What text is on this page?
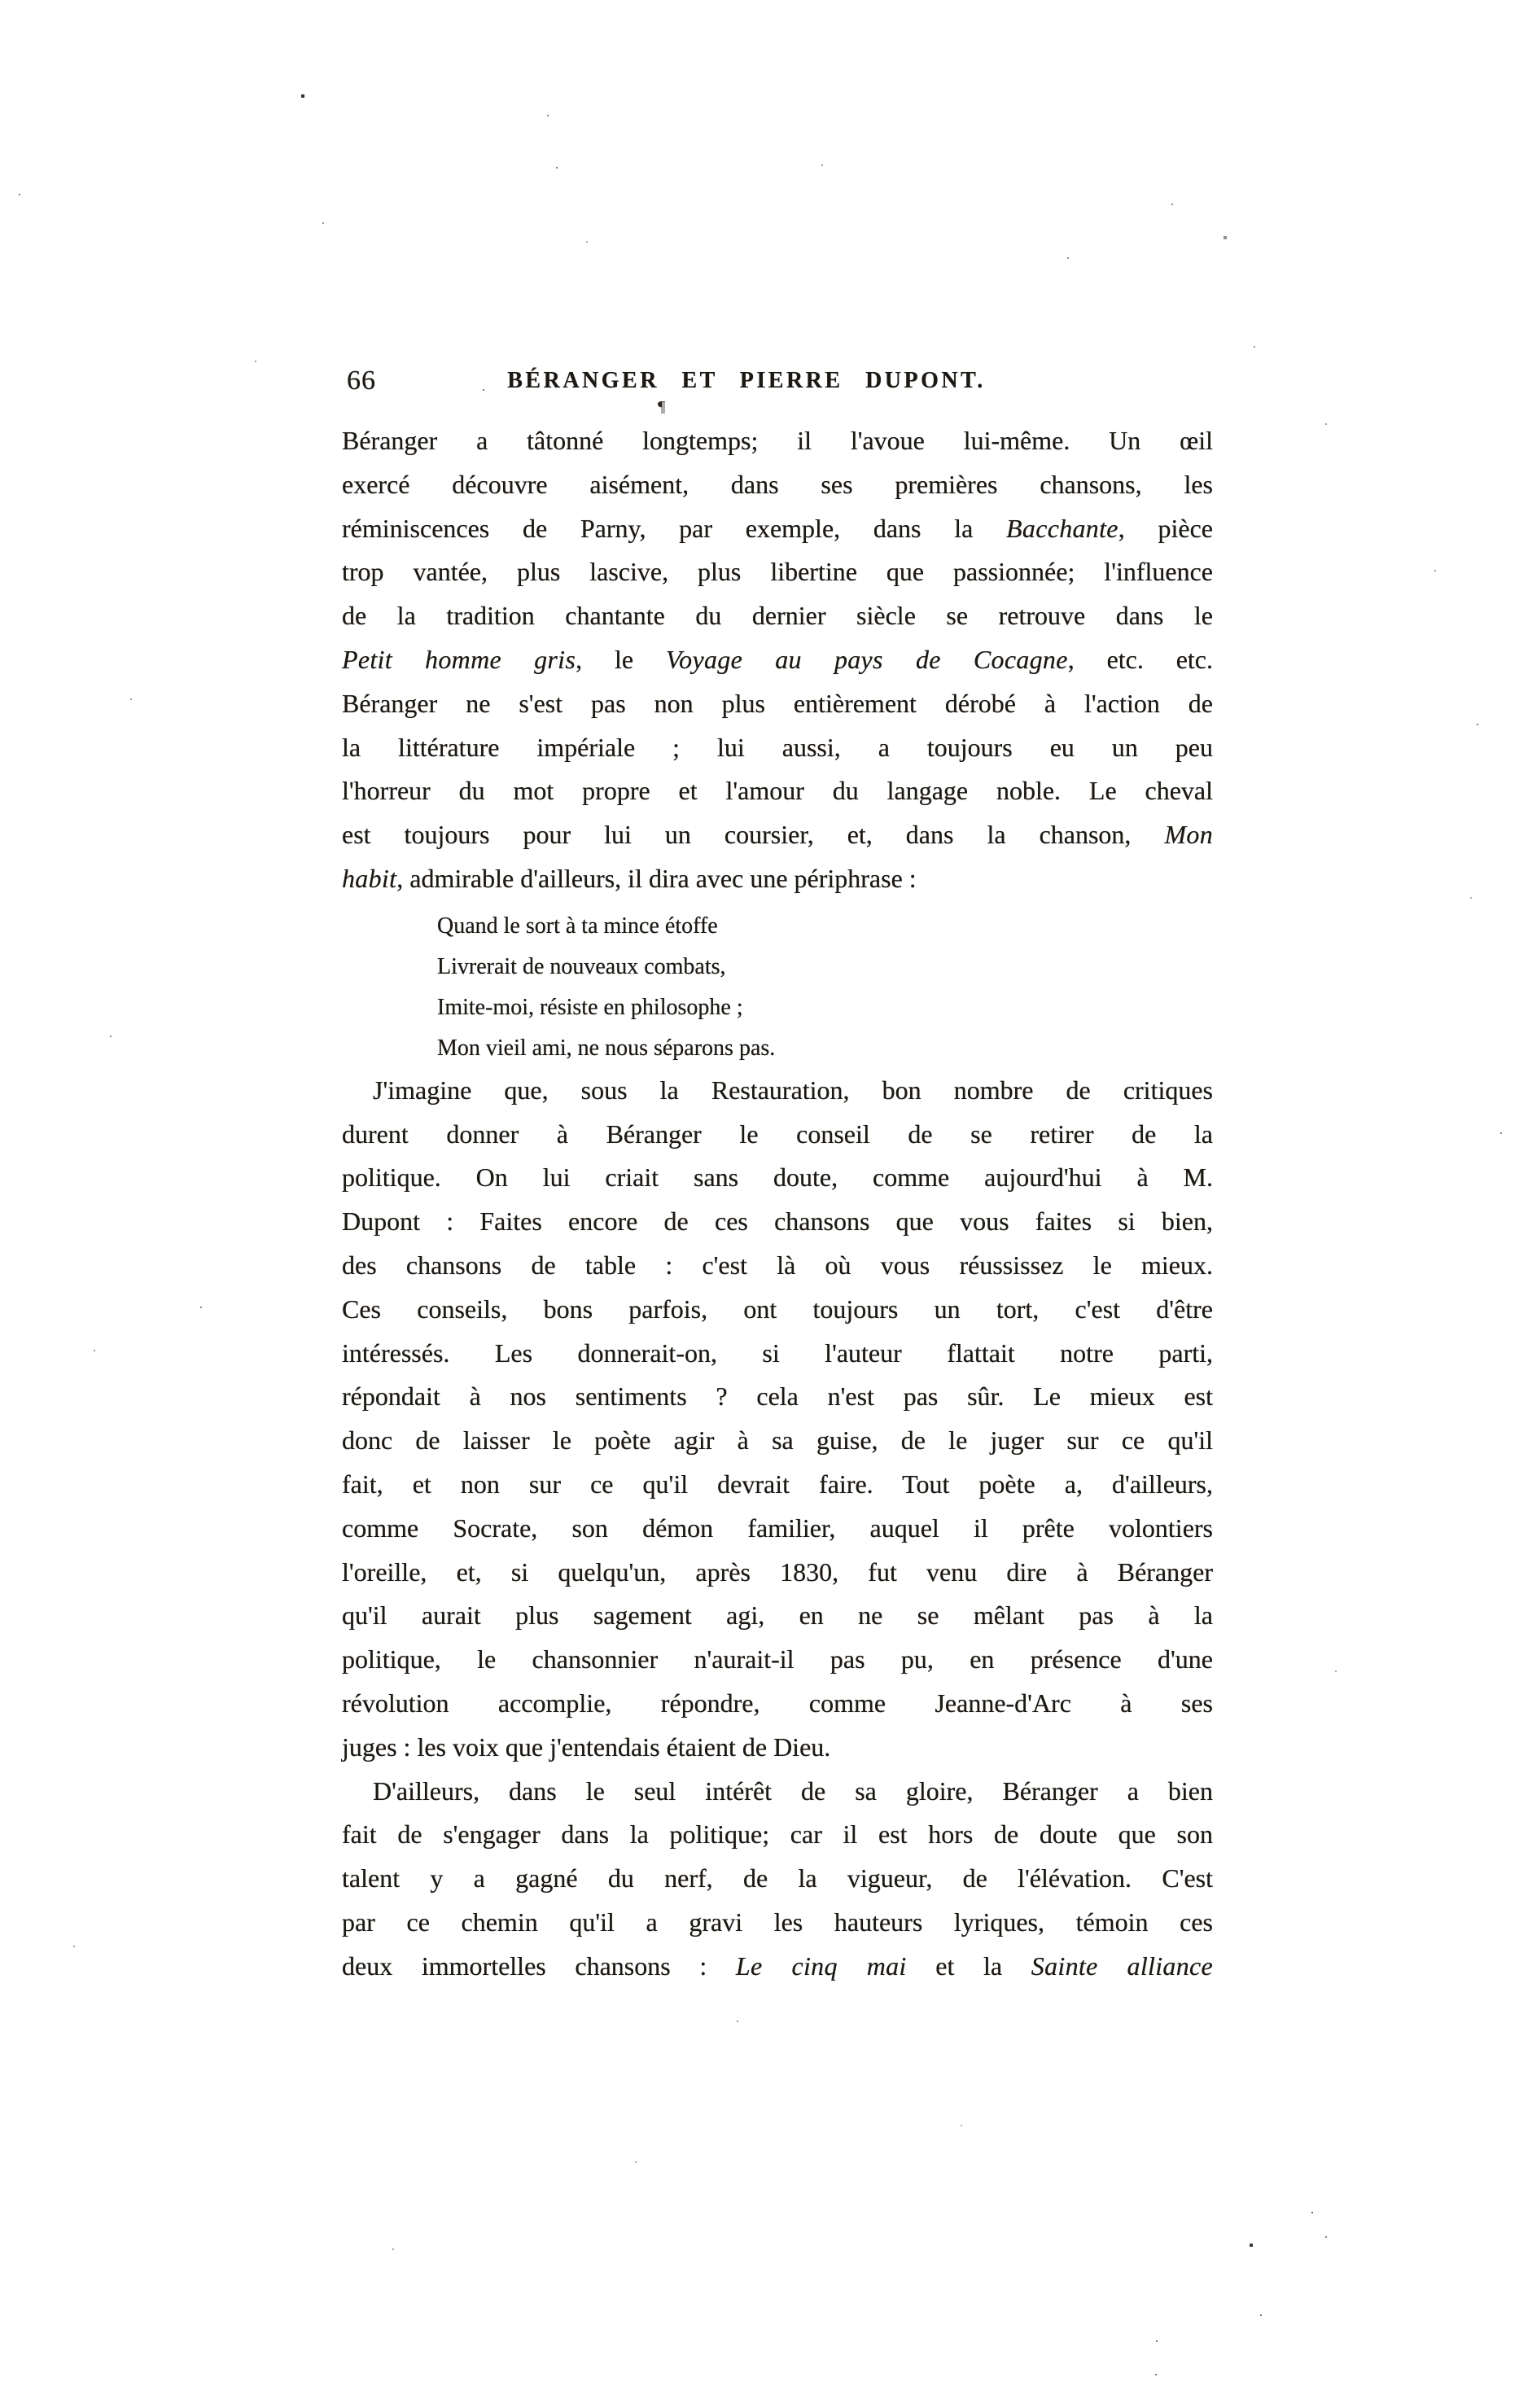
66	BÉRANGER ET PIERRE DUPONT.
¶
Béranger a tâtonné longtemps; il l'avoue lui-même. Un œil
exercé découvre aisément, dans ses premières chansons, les
réminiscences de Parny, par exemple, dans la Bacchante, pièce
trop vantée, plus lascive, plus libertine que passionnée; l'influence
de la tradition chantante du dernier siècle se retrouve dans le
Petit homme gris, le Voyage au pays de Cocagne, etc. etc.
Béranger ne s'est pas non plus entièrement dérobé à l'action de
la littérature impériale ; lui aussi, a toujours eu un peu
l'horreur du mot propre et l'amour du langage noble. Le cheval
est toujours pour lui un coursier, et, dans la chanson, Mon
habit, admirable d'ailleurs, il dira avec une périphrase :
Quand le sort à ta mince étoffe
Livrerait de nouveaux combats,
Imite-moi, résiste en philosophe ;
Mon vieil ami, ne nous séparons pas.
J'imagine que, sous la Restauration, bon nombre de critiques
durent donner à Béranger le conseil de se retirer de la
politique. On lui criait sans doute, comme aujourd'hui à M.
Dupont : Faites encore de ces chansons que vous faites si bien,
des chansons de table : c'est là où vous réussissez le mieux.
Ces conseils, bons parfois, ont toujours un tort, c'est d'être
intéressés. Les donnerait-on, si l'auteur flattait notre parti,
répondait à nos sentiments ? cela n'est pas sûr. Le mieux est
donc de laisser le poète agir à sa guise, de le juger sur ce qu'il
fait, et non sur ce qu'il devrait faire. Tout poète a, d'ailleurs,
comme Socrate, son démon familier, auquel il prête volontiers
l'oreille, et, si quelqu'un, après 1830, fut venu dire à Béranger
qu'il aurait plus sagement agi, en ne se mêlant pas à la
politique, le chansonnier n'aurait-il pas pu, en présence d'une
révolution accomplie, répondre, comme Jeanne-d'Arc à ses
juges : les voix que j'entendais étaient de Dieu.
D'ailleurs, dans le seul intérêt de sa gloire, Béranger a bien
fait de s'engager dans la politique; car il est hors de doute que son
talent y a gagné du nerf, de la vigueur, de l'élévation. C'est
par ce chemin qu'il a gravi les hauteurs lyriques, témoin ces
deux immortelles chansons : Le cinq mai et la Sainte alliance
